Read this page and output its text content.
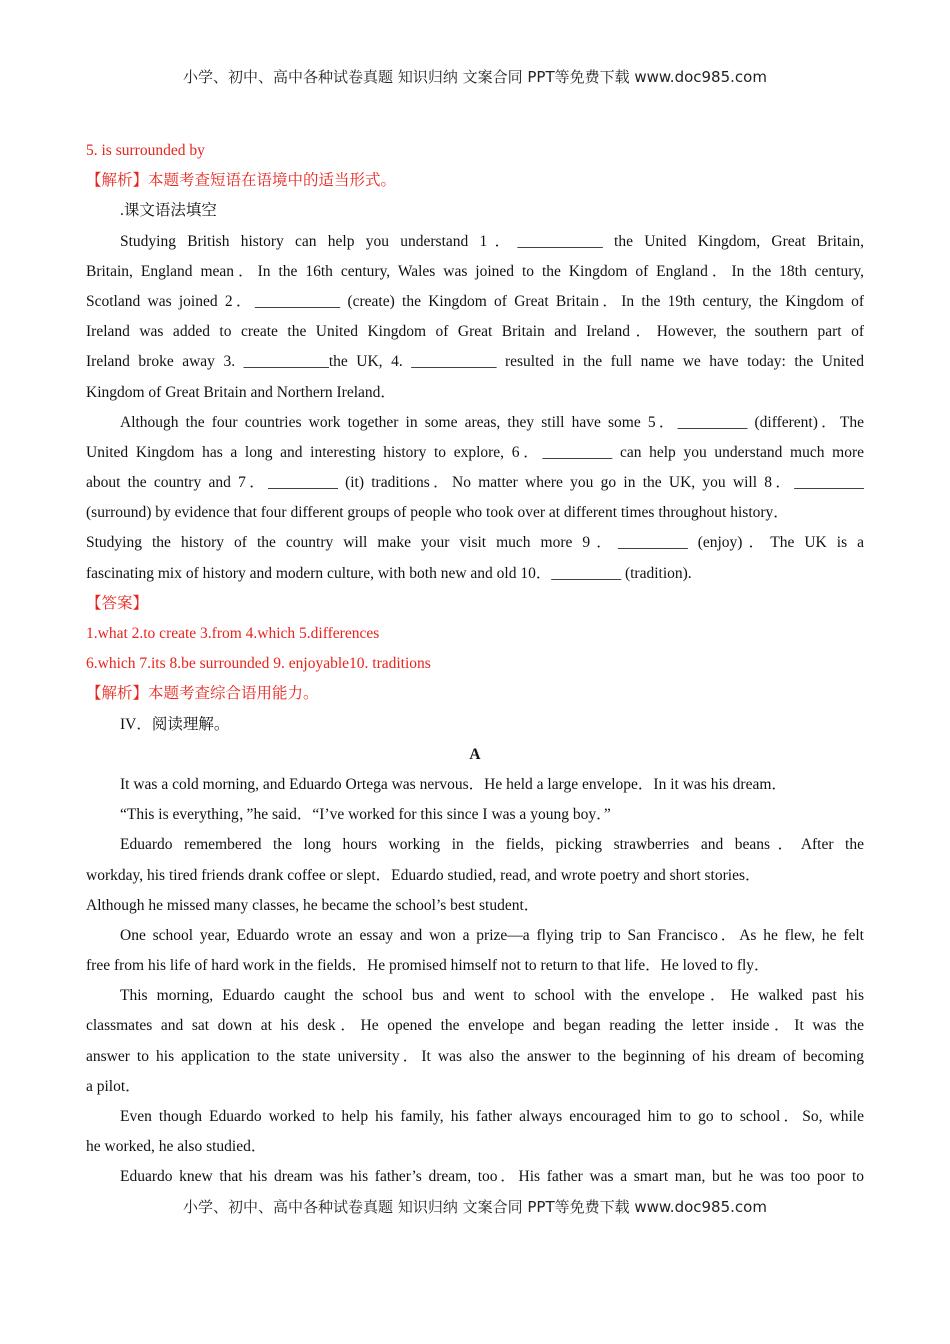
小学、初中、高中各种试卷真题 知识归纳 文案合同 PPT等免费下载 www.doc985.com
5. is surrounded by
【解析】本题考查短语在语境中的适当形式。
.课文语法填空
Studying British history can help you understand 1．___________ the United Kingdom, Great Britain,
Britain, England mean．In the 16th century, Wales was joined to the Kingdom of England．In the 18th century,
Scotland was joined 2．___________ (create) the Kingdom of Great Britain．In the 19th century, the Kingdom of
Ireland was added to create the United Kingdom of Great Britain and Ireland．However, the southern part of
Ireland broke away 3. ___________the UK, 4. ___________ resulted in the full name we have today: the United
Kingdom of Great Britain and Northern Ireland．
Although the four countries work together in some areas, they still have some 5．_________ (different)．The
United Kingdom has a long and interesting history to explore, 6．_________ can help you understand much more
about the country and 7．_________ (it) traditions．No matter where you go in the UK, you will 8．_________
(surround) by evidence that four different groups of people who took over at different times throughout history．
Studying the history of the country will make your visit much more 9．_________ (enjoy)．The UK is a
fascinating mix of history and modern culture, with both new and old 10．_________ (tradition).
【答案】
1.what 2.to create 3.from 4.which 5.differences
6.which 7.its 8.be surrounded 9. enjoyable10. traditions
【解析】本题考查综合语用能力。
IV．阅读理解。
A
It was a cold morning, and Eduardo Ortega was nervous．He held a large envelope．In it was his dream．
“This is everything，”he said．“I’ve worked for this since I was a young boy．”
Eduardo remembered the long hours working in the fields, picking strawberries and beans．After the
workday, his tired friends drank coffee or slept．Eduardo studied, read, and wrote poetry and short stories．
Although he missed many classes, he became the school’s best student．
One school year, Eduardo wrote an essay and won a prize—a flying trip to San Francisco．As he flew, he felt
free from his life of hard work in the fields．He promised himself not to return to that life．He loved to fly．
This morning, Eduardo caught the school bus and went to school with the envelope．He walked past his
classmates and sat down at his desk．He opened the envelope and began reading the letter inside．It was the
answer to his application to the state university．It was also the answer to the beginning of his dream of becoming
a pilot．
Even though Eduardo worked to help his family, his father always encouraged him to go to school．So, while
he worked, he also studied．
Eduardo knew that his dream was his father’s dream, too．His father was a smart man, but he was too poor to
小学、初中、高中各种试卷真题 知识归纳 文案合同 PPT等免费下载 www.doc985.com
